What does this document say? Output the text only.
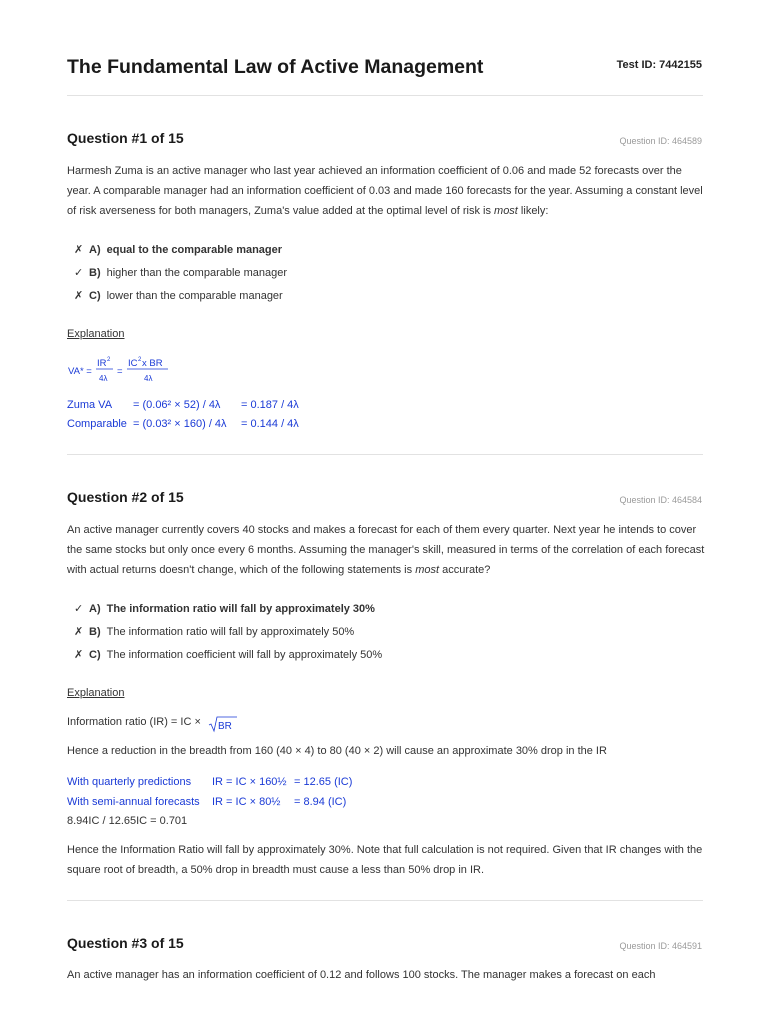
The Fundamental Law of Active Management	Test ID: 7442155
Question #1 of 15	Question ID: 464589
Harmesh Zuma is an active manager who last year achieved an information coefficient of 0.06 and made 52 forecasts over the year. A comparable manager had an information coefficient of 0.03 and made 160 forecasts for the year. Assuming a constant level of risk averseness for both managers, Zuma's value added at the optimal level of risk is most likely:
✗ A) equal to the comparable manager
✓ B) higher than the comparable manager
✗ C) lower than the comparable manager
Explanation
VA* =
IR 2
4λ
=
IC 2 x BR
4λ
Zuma VA = (0.06² × 52) / 4λ = 0.187 / 4λ
Comparable = (0.03² × 160) / 4λ = 0.144 / 4λ
Question #2 of 15	Question ID: 464584
An active manager currently covers 40 stocks and makes a forecast for each of them every quarter. Next year he intends to cover the same stocks but only once every 6 months. Assuming the manager's skill, measured in terms of the correlation of each forecast with actual returns doesn't change, which of the following statements is most accurate?
✓ A) The information ratio will fall by approximately 30%
✗ B) The information ratio will fall by approximately 50%
✗ C) The information coefficient will fall by approximately 50%
Explanation
Information ratio (IR) = IC × BR
Hence a reduction in the breadth from 160 (40 × 4) to 80 (40 × 2) will cause an approximate 30% drop in the IR
With quarterly predictions IR = IC × 160½ = 12.65 (IC)
With semi-annual forecasts IR = IC × 80½ = 8.94 (IC)
8.94IC / 12.65IC = 0.701
Hence the Information Ratio will fall by approximately 30%. Note that full calculation is not required. Given that IR changes with the square root of breadth, a 50% drop in breadth must cause a less than 50% drop in IR.
Question #3 of 15	Question ID: 464591
An active manager has an information coefficient of 0.12 and follows 100 stocks. The manager makes a forecast on each
